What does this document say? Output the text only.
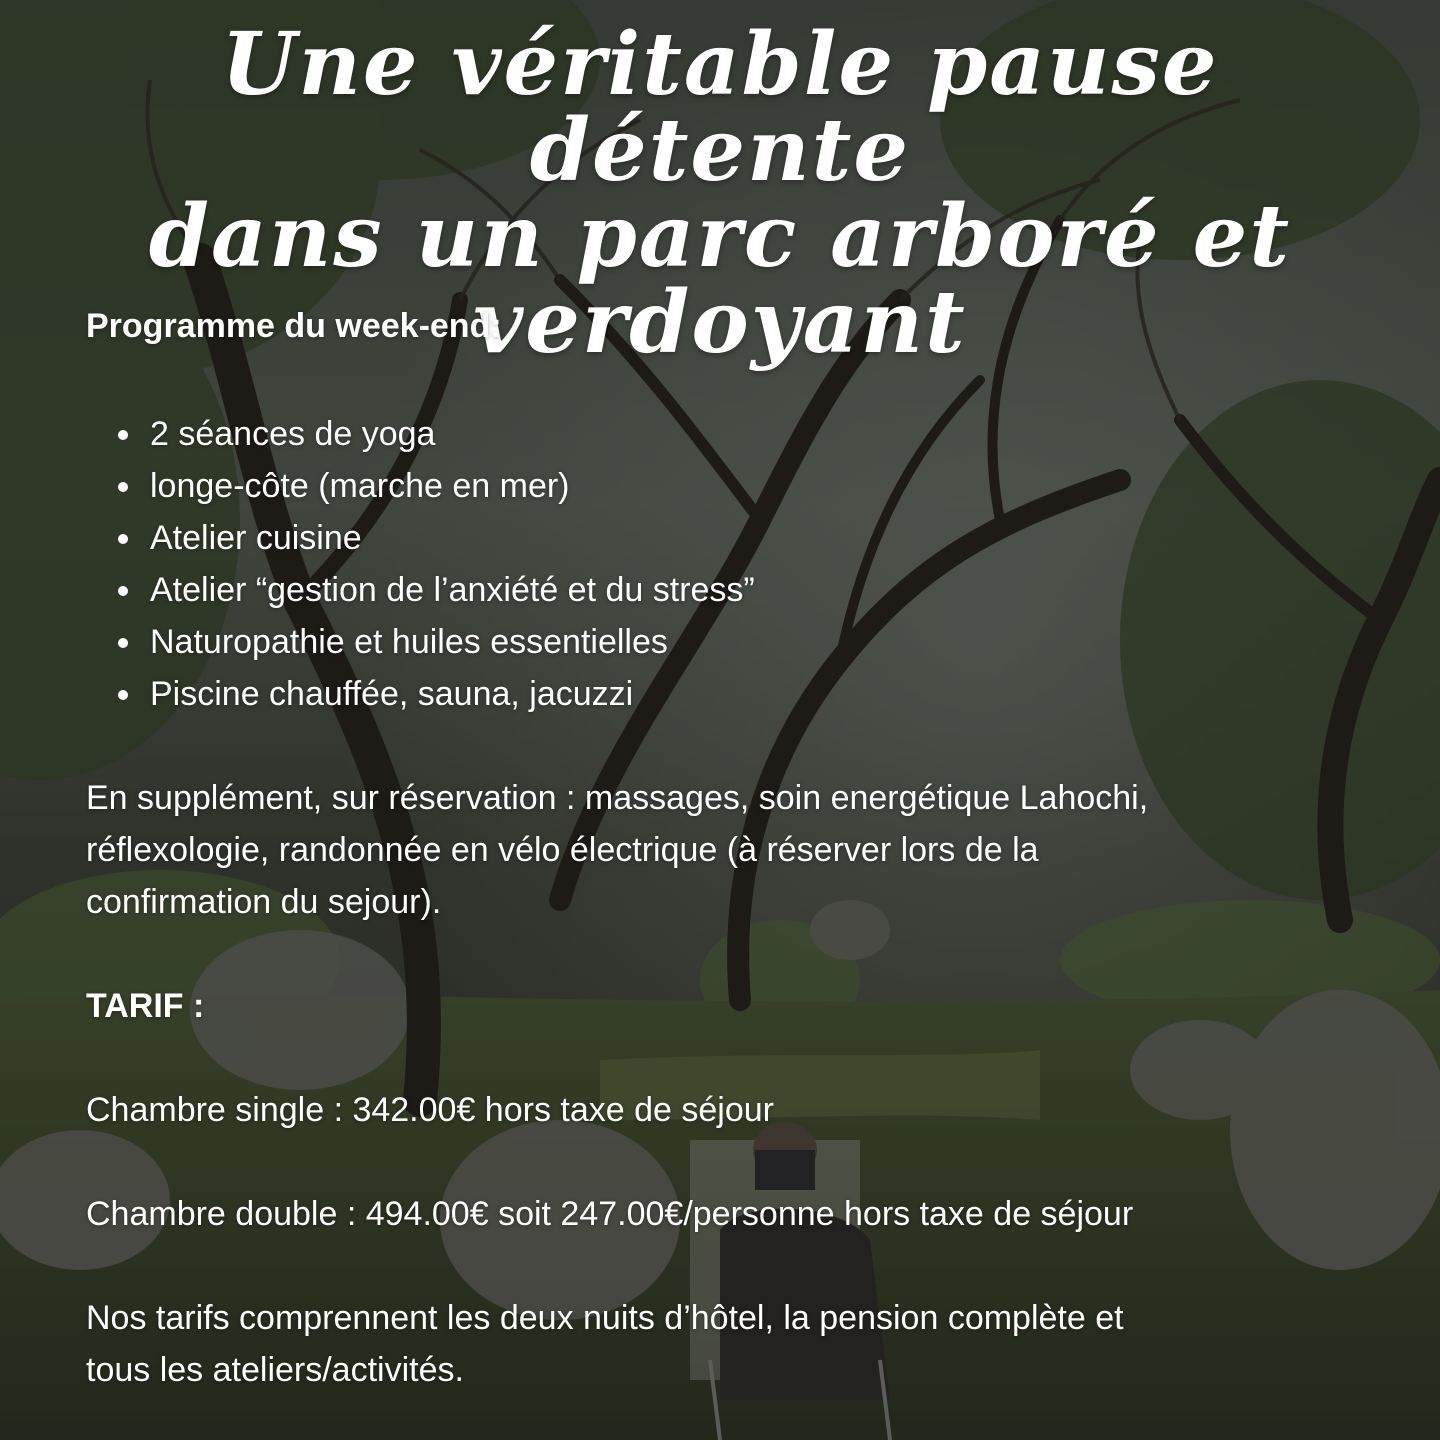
Une véritable pause détente
dans un parc arboré et
verdoyant

Programme du week-end:

2 séances de yoga
longe-côte (marche en mer)
Atelier cuisine
Atelier “gestion de l’anxiété et du stress”
Naturopathie et huiles essentielles
Piscine chauffée, sauna, jacuzzi
En supplément, sur réservation : massages, soin energétique Lahochi,
réflexologie, randonnée en vélo électrique (à réserver lors de la
confirmation du sejour).
TARIF :
Chambre single : 342.00€ hors taxe de séjour
Chambre double : 494.00€ soit 247.00€/personne hors taxe de séjour
Nos tarifs comprennent les deux nuits d’hôtel, la pension complète et
tous les ateliers/activités.
